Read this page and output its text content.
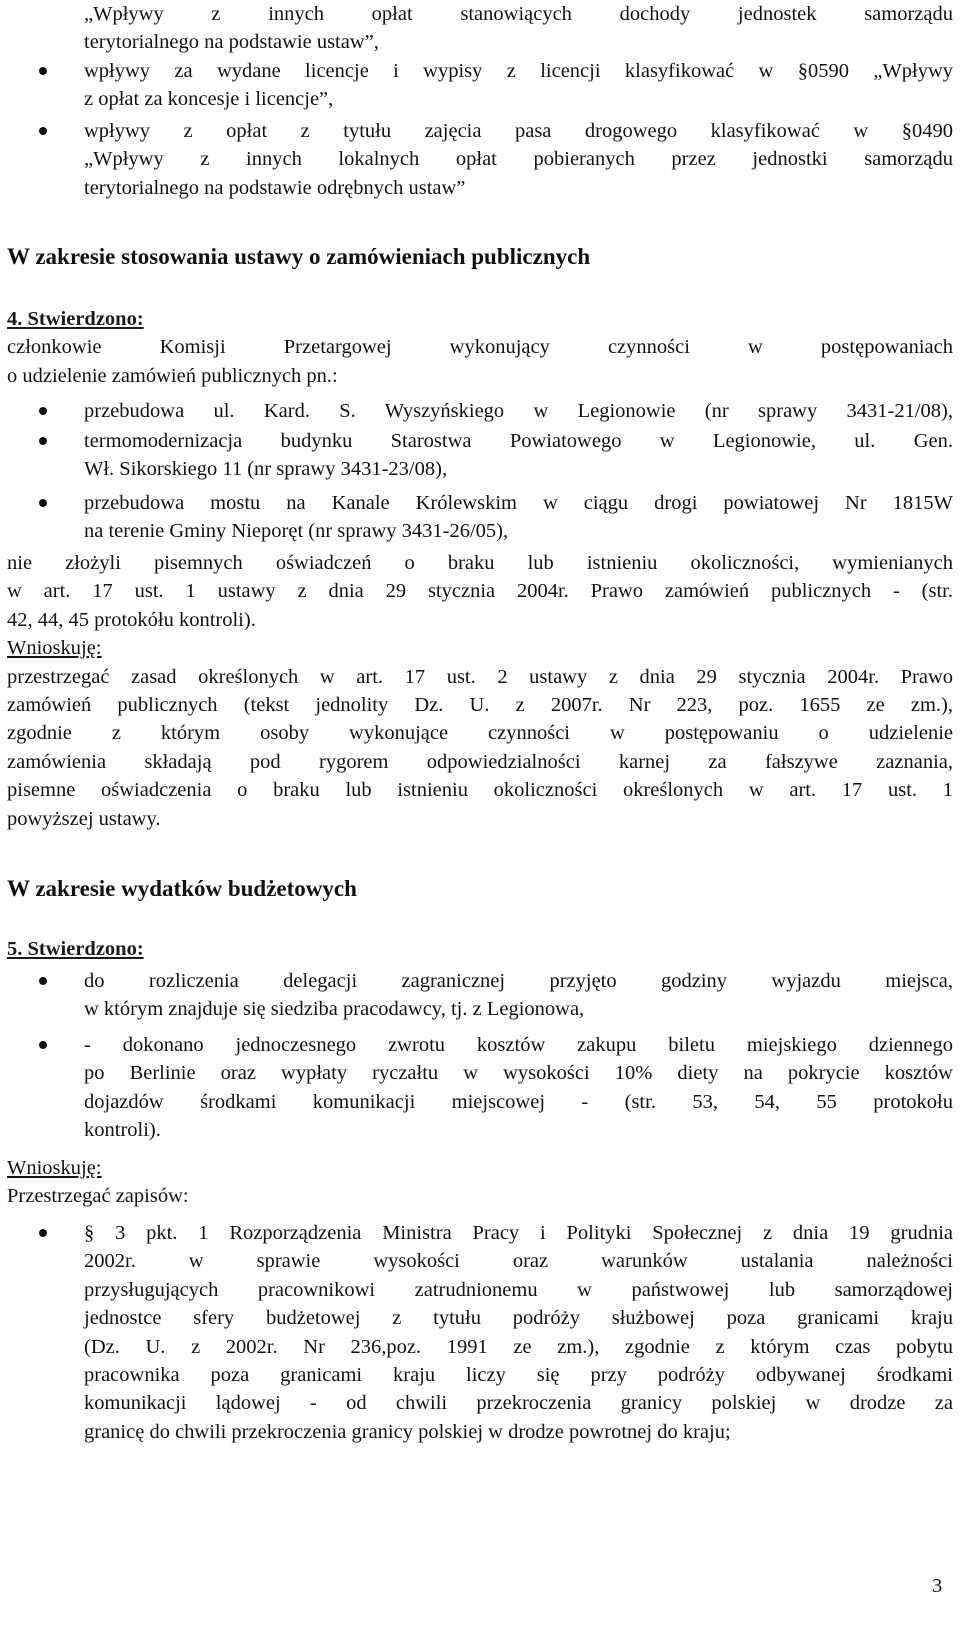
„Wpływy z innych opłat stanowiących dochody jednostek samorządu
terytorialnego na podstawie ustaw”,
wpływy za wydane licencje i wypisy z licencji klasyfikować w §0590 „Wpływy
z opłat za koncesje i licencje”,
wpływy z opłat z tytułu zajęcia pasa drogowego klasyfikować w §0490
„Wpływy z innych lokalnych opłat pobieranych przez jednostki samorządu
terytorialnego na podstawie odrębnych ustaw”
W zakresie stosowania ustawy o zamówieniach publicznych
4. Stwierdzono:
członkowie Komisji Przetargowej wykonujący czynności w postępowaniach
o udzielenie zamówień publicznych pn.:
przebudowa ul. Kard. S. Wyszyńskiego w Legionowie (nr sprawy 3431-21/08),
termomodernizacja budynku Starostwa Powiatowego w Legionowie, ul. Gen.
Wł. Sikorskiego 11 (nr sprawy 3431-23/08),
przebudowa mostu na Kanale Królewskim w ciągu drogi powiatowej Nr 1815W
na terenie Gminy Nieporęt (nr sprawy 3431-26/05),
nie złożyli pisemnych oświadczeń o braku lub istnieniu okoliczności, wymienianych
w art. 17 ust. 1 ustawy z dnia 29 stycznia 2004r. Prawo zamówień publicznych - (str.
42, 44, 45 protokółu kontroli).
Wnioskuję:
przestrzegać zasad określonych w art. 17 ust. 2 ustawy z dnia 29 stycznia 2004r. Prawo
zamówień publicznych (tekst jednolity Dz. U. z 2007r. Nr 223, poz. 1655 ze zm.),
zgodnie z którym osoby wykonujące czynności w postępowaniu o udzielenie
zamówienia składają pod rygorem odpowiedzialności karnej za fałszywe zaznania,
pisemne oświadczenia o braku lub istnieniu okoliczności określonych w art. 17 ust. 1
powyższej ustawy.
W zakresie wydatków budżetowych
5. Stwierdzono:
do rozliczenia delegacji zagranicznej przyjęto godziny wyjazdu miejsca,
w którym znajduje się siedziba pracodawcy, tj. z Legionowa,
- dokonano jednoczesnego zwrotu kosztów zakupu biletu miejskiego dziennego
po Berlinie oraz wypłaty ryczałtu w wysokości 10% diety na pokrycie kosztów
dojazdów środkami komunikacji miejscowej - (str. 53, 54, 55 protokołu
kontroli).
Wnioskuję:
Przestrzegać zapisów:
§ 3 pkt. 1 Rozporządzenia Ministra Pracy i Polityki Społecznej z dnia 19 grudnia
2002r. w sprawie wysokości oraz warunków ustalania należności
przysługujących pracownikowi zatrudnionemu w państwowej lub samorządowej
jednostce sfery budżetowej z tytułu podróży służbowej poza granicami kraju
(Dz. U. z 2002r. Nr 236,poz. 1991 ze zm.), zgodnie z którym czas pobytu
pracownika poza granicami kraju liczy się przy podróży odbywanej środkami
komunikacji lądowej - od chwili przekroczenia granicy polskiej w drodze za
granicę do chwili przekroczenia granicy polskiej w drodze powrotnej do kraju;
3
